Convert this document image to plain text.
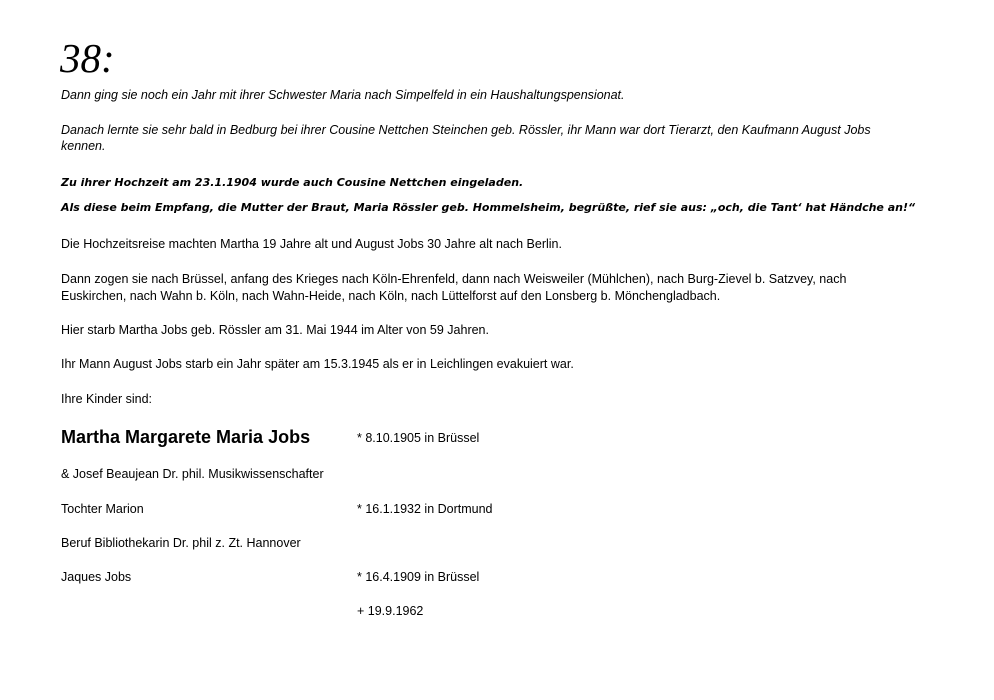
38:
Dann ging sie noch ein Jahr mit ihrer Schwester Maria nach Simpelfeld in ein Haushaltungspensionat.
Danach lernte sie sehr bald in Bedburg bei ihrer Cousine Nettchen Steinchen geb. Rössler, ihr Mann war dort Tierarzt, den Kaufmann August Jobs
kennen.
Zu ihrer Hochzeit am 23.1.1904 wurde auch Cousine Nettchen eingeladen.
Als diese beim Empfang, die Mutter der Braut, Maria Rössler geb. Hommelsheim, begrüßte, rief sie aus: „och, die Tant‘ hat Händche an!“
Die Hochzeitsreise machten Martha 19 Jahre alt und August Jobs 30 Jahre alt nach Berlin.
Dann zogen sie nach Brüssel, anfang des Krieges nach Köln-Ehrenfeld, dann nach Weisweiler (Mühlchen), nach Burg-Zievel b. Satzvey, nach
Euskirchen, nach Wahn b. Köln, nach Wahn-Heide, nach Köln, nach Lüttelforst auf den Lonsberg b. Mönchengladbach.
Hier starb Martha Jobs geb. Rössler am 31. Mai 1944 im Alter von 59 Jahren.
Ihr Mann August Jobs starb ein Jahr später am 15.3.1945 als er in Leichlingen evakuiert war.
Ihre Kinder sind:
Martha Margarete Maria Jobs	* 8.10.1905 in Brüssel
& Josef Beaujean Dr. phil. Musikwissenschafter
Tochter Marion	* 16.1.1932 in Dortmund
Beruf Bibliothekarin Dr. phil z. Zt. Hannover
Jaques Jobs	* 16.4.1909 in Brüssel
+ 19.9.1962
